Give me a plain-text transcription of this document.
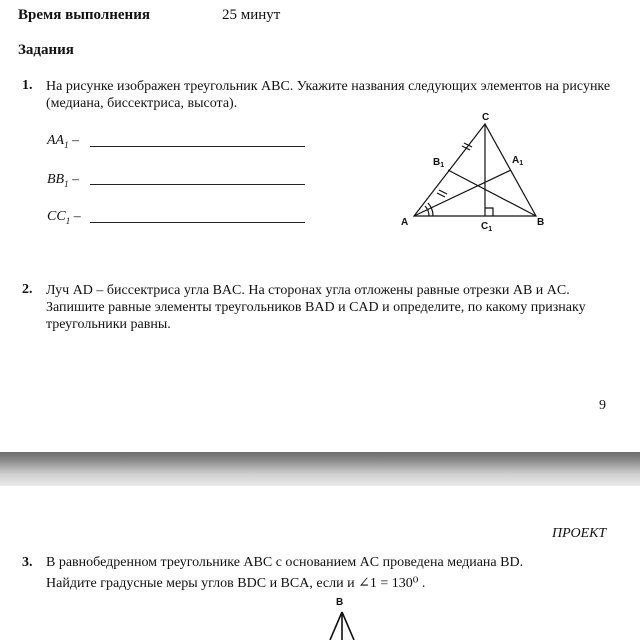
Время выполнения	25 минут
Задания
1. На рисунке изображен треугольник ABC. Укажите названия следующих элементов на рисунке (медиана, биссектриса, высота).
$AA_1$ –
$BB_1$ –
$CC_1$ –	A	B
C
$A_1$
$B_1$
$C_1$
2. Луч AD – биссектриса угла BAC. На сторонах угла отложены равные отрезки AB и AC. Запишите равные элементы треугольников BAD и CAD и определите, по какому признаку треугольники равны.
9
ПРОЕКТ
3. В равнобедренном треугольнике ABC с основанием AC проведена медиана BD.
Найдите градусные меры углов BDC и BCA, если и ∠1 = 130⁰ .
B
